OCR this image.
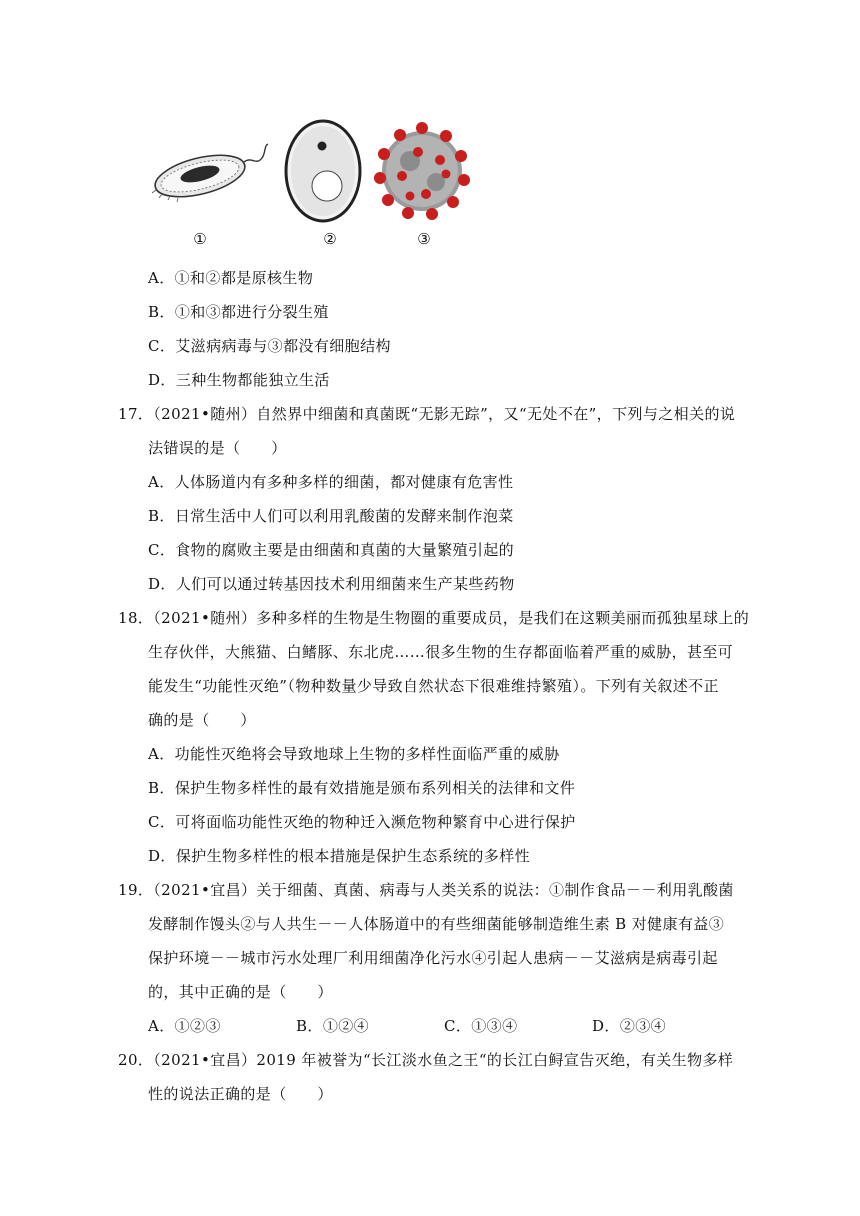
①	②	③
A．①和②都是原核生物
B．①和③都进行分裂生殖
C．艾滋病病毒与③都没有细胞结构
D．三种生物都能独立生活
17．（2021•随州）自然界中细菌和真菌既“无影无踪”，又“无处不在”，下列与之相关的说
法错误的是（　　）
A．人体肠道内有多种多样的细菌，都对健康有危害性
B．日常生活中人们可以利用乳酸菌的发酵来制作泡菜
C．食物的腐败主要是由细菌和真菌的大量繁殖引起的
D．人们可以通过转基因技术利用细菌来生产某些药物
18．（2021•随州）多种多样的生物是生物圈的重要成员，是我们在这颗美丽而孤独星球上的
生存伙伴，大熊猫、白鳍豚、东北虎……很多生物的生存都面临着严重的威胁，甚至可
能发生“功能性灭绝”（物种数量少导致自然状态下很难维持繁殖）。下列有关叙述不正
确的是（　　）
A．功能性灭绝将会导致地球上生物的多样性面临严重的威胁
B．保护生物多样性的最有效措施是颁布系列相关的法律和文件
C．可将面临功能性灭绝的物种迁入濒危物种繁育中心进行保护
D．保护生物多样性的根本措施是保护生态系统的多样性
19．（2021•宜昌）关于细菌、真菌、病毒与人类关系的说法：①制作食品－－利用乳酸菌
发酵制作馒头②与人共生－－人体肠道中的有些细菌能够制造维生素 B 对健康有益③
保护环境－－城市污水处理厂利用细菌净化污水④引起人患病－－艾滋病是病毒引起
的，其中正确的是（　　）
A．①②③	B．①②④	C．①③④	D．②③④
20．（2021•宜昌）2019 年被誉为“长江淡水鱼之王“的长江白鲟宣告灭绝，有关生物多样
性的说法正确的是（　　）
